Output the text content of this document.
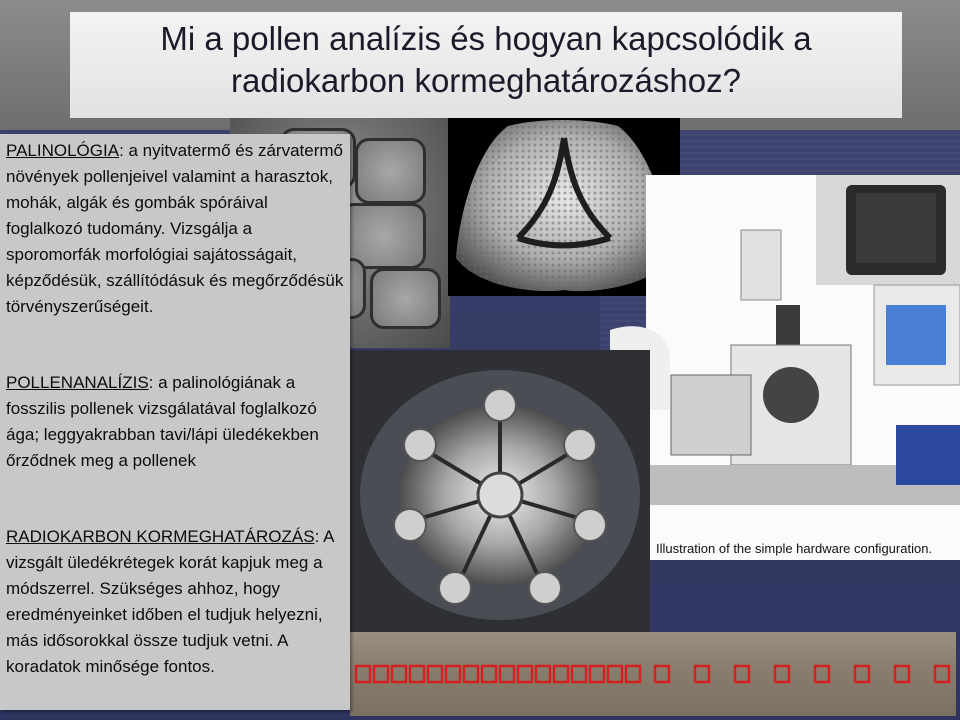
Illustration of the simple hardware configuration.
Mi a pollen analízis és hogyan kapcsolódik a radiokarbon kormeghatározáshoz?

PALINOLÓGIA: a nyitvatermő és zárvatermő növények pollenjeivel valamint a harasztok, mohák, algák és gombák spóráival foglalkozó tudomány. Vizsgálja a sporomorfák morfológiai sajátosságait, képződésük, szállítódásuk és megőrződésük törvényszerűségeit.

POLLENANALÍZIS: a palinológiának a fosszilis pollenek vizsgálatával foglalkozó ága; leggyakrabban tavi/lápi üledékekben őrződnek meg a pollenek

RADIOKARBON KORMEGHATÁROZÁS: A vizsgált üledékrétegek korát kapjuk meg a módszerrel. Szükséges ahhoz, hogy eredményeinket időben el tudjuk helyezni, más idősorokkal össze tudjuk vetni. A koradatok minősége fontos.
